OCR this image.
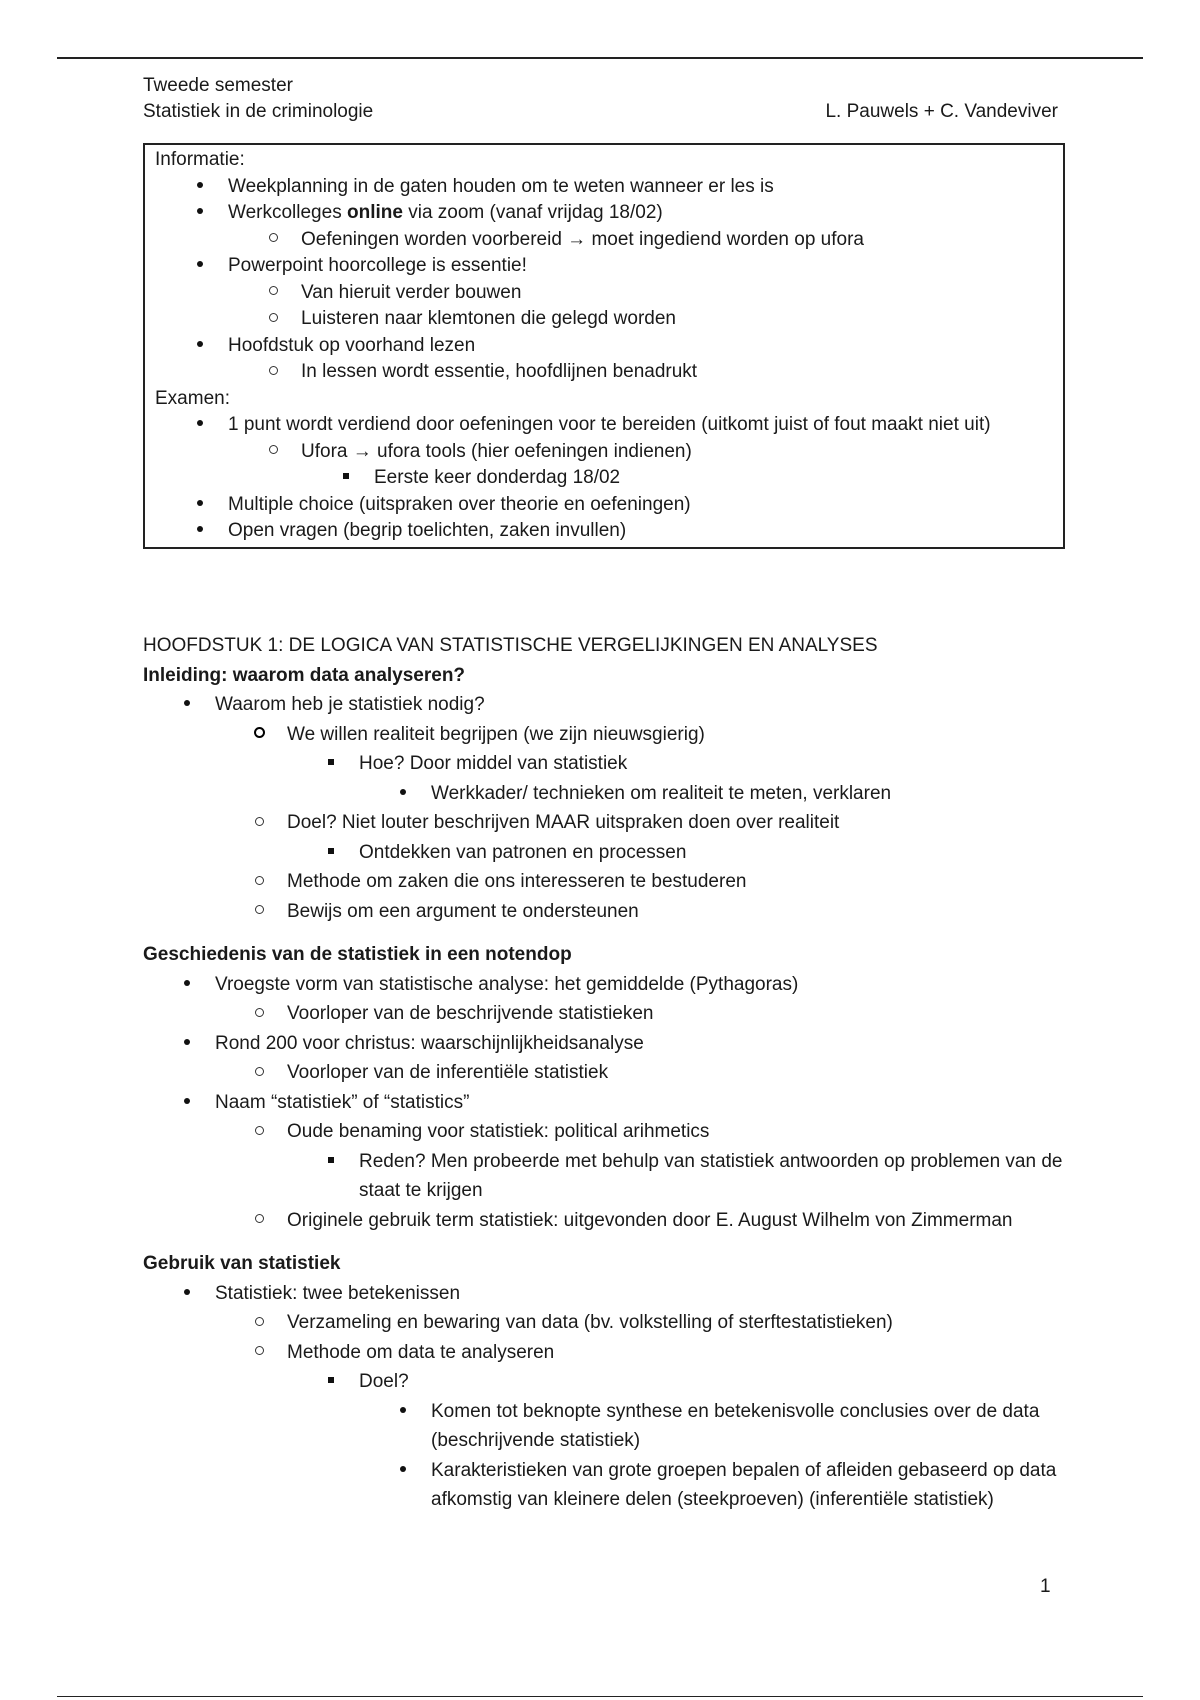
Tweede semester
Statistiek in de criminologie	L. Pauwels + C. Vandeviver
Informatie:
Weekplanning in de gaten houden om te weten wanneer er les is
Werkcolleges online via zoom (vanaf vrijdag 18/02)
Oefeningen worden voorbereid → moet ingediend worden op ufora
Powerpoint hoorcollege is essentie!
Van hieruit verder bouwen
Luisteren naar klemtonen die gelegd worden
Hoofdstuk op voorhand lezen
In lessen wordt essentie, hoofdlijnen benadrukt
Examen:
1 punt wordt verdiend door oefeningen voor te bereiden (uitkomt juist of fout maakt niet uit)
Ufora → ufora tools (hier oefeningen indienen)
Eerste keer donderdag 18/02
Multiple choice (uitspraken over theorie en oefeningen)
Open vragen (begrip toelichten, zaken invullen)
HOOFDSTUK 1: DE LOGICA VAN STATISTISCHE VERGELIJKINGEN EN ANALYSES
Inleiding: waarom data analyseren?
Waarom heb je statistiek nodig?
We willen realiteit begrijpen (we zijn nieuwsgierig)
Hoe? Door middel van statistiek
Werkkader/ technieken om realiteit te meten, verklaren
Doel? Niet louter beschrijven MAAR uitspraken doen over realiteit
Ontdekken van patronen en processen
Methode om zaken die ons interesseren te bestuderen
Bewijs om een argument te ondersteunen
Geschiedenis van de statistiek in een notendop
Vroegste vorm van statistische analyse: het gemiddelde (Pythagoras)
Voorloper van de beschrijvende statistieken
Rond 200 voor christus: waarschijnlijkheidsanalyse
Voorloper van de inferentiële statistiek
Naam “statistiek” of “statistics”
Oude benaming voor statistiek: political arihmetics
Reden? Men probeerde met behulp van statistiek antwoorden op problemen van de staat te krijgen
Originele gebruik term statistiek: uitgevonden door E. August Wilhelm von Zimmerman
Gebruik van statistiek
Statistiek: twee betekenissen
Verzameling en bewaring van data (bv. volkstelling of sterftestatistieken)
Methode om data te analyseren
Doel?
Komen tot beknopte synthese en betekenisvolle conclusies over de data (beschrijvende statistiek)
Karakteristieken van grote groepen bepalen of afleiden gebaseerd op data afkomstig van kleinere delen (steekproeven) (inferentiële statistiek)
1
